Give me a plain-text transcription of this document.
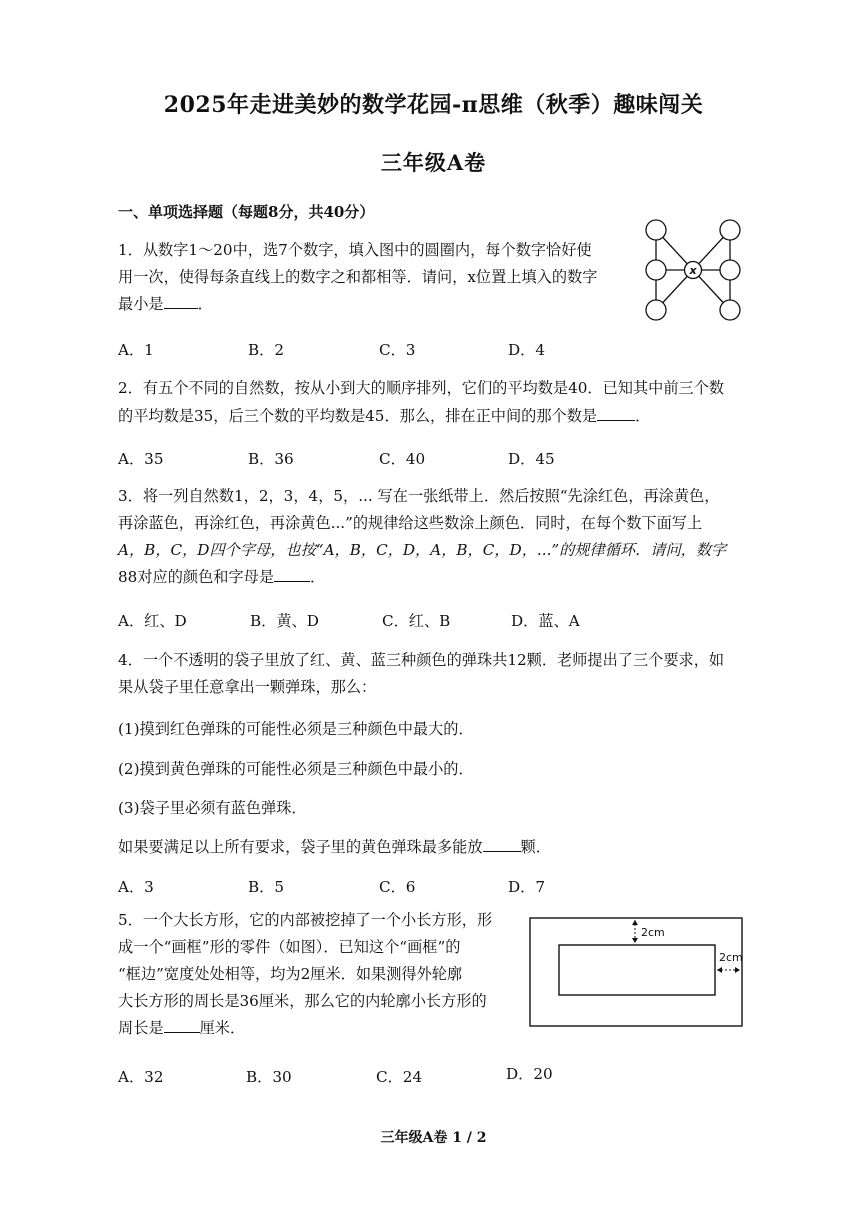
2025年走进美妙的数学花园-π思维（秋季）趣味闯关
三年级A卷
一、单项选择题（每题8分，共40分）
1．从数字1～20中，选7个数字，填入图中的圆圈内，每个数字恰好使
用一次，使得每条直线上的数字之和都相等．请问，x位置上填入的数字
最小是 ．
x
A．1	B．2	C．3	D．4
2．有五个不同的自然数，按从小到大的顺序排列，它们的平均数是40．已知其中前三个数
的平均数是35，后三个数的平均数是45．那么，排在正中间的那个数是	．
A．35	B．36	C．40	D．45
3．将一列自然数1，2，3，4，5，... 写在一张纸带上．然后按照“先涂红色，再涂黄色，
再涂蓝色，再涂红色，再涂黄色...”的规律给这些数涂上颜色．同时，在每个数下面写上
A，B，C，D四个字母，也按“A，B，C，D，A，B，C，D，...”的规律循环．请问，数字
88对应的颜色和字母是 ．
A．红、D	B．黄、D	C．红、B	D．蓝、A
4．一个不透明的袋子里放了红、黄、蓝三种颜色的弹珠共12颗．老师提出了三个要求，如
果从袋子里任意拿出一颗弹珠，那么：
(1)摸到红色弹珠的可能性必须是三种颜色中最大的．
(2)摸到黄色弹珠的可能性必须是三种颜色中最小的．
(3)袋子里必须有蓝色弹珠．
如果要满足以上所有要求，袋子里的黄色弹珠最多能放	颗．
A．3	B．5	C．6	D．7
5．一个大长方形，它的内部被挖掉了一个小长方形，形
成一个“画框”形的零件（如图）．已知这个“画框”的
“框边”宽度处处相等，均为2厘米．如果测得外轮廓
大长方形的周长是36厘米，那么它的内轮廓小长方形的
周长是 厘米．
2cm
2cm
A．32	B．30	C．24	D．20
三年级A卷 1 / 2
